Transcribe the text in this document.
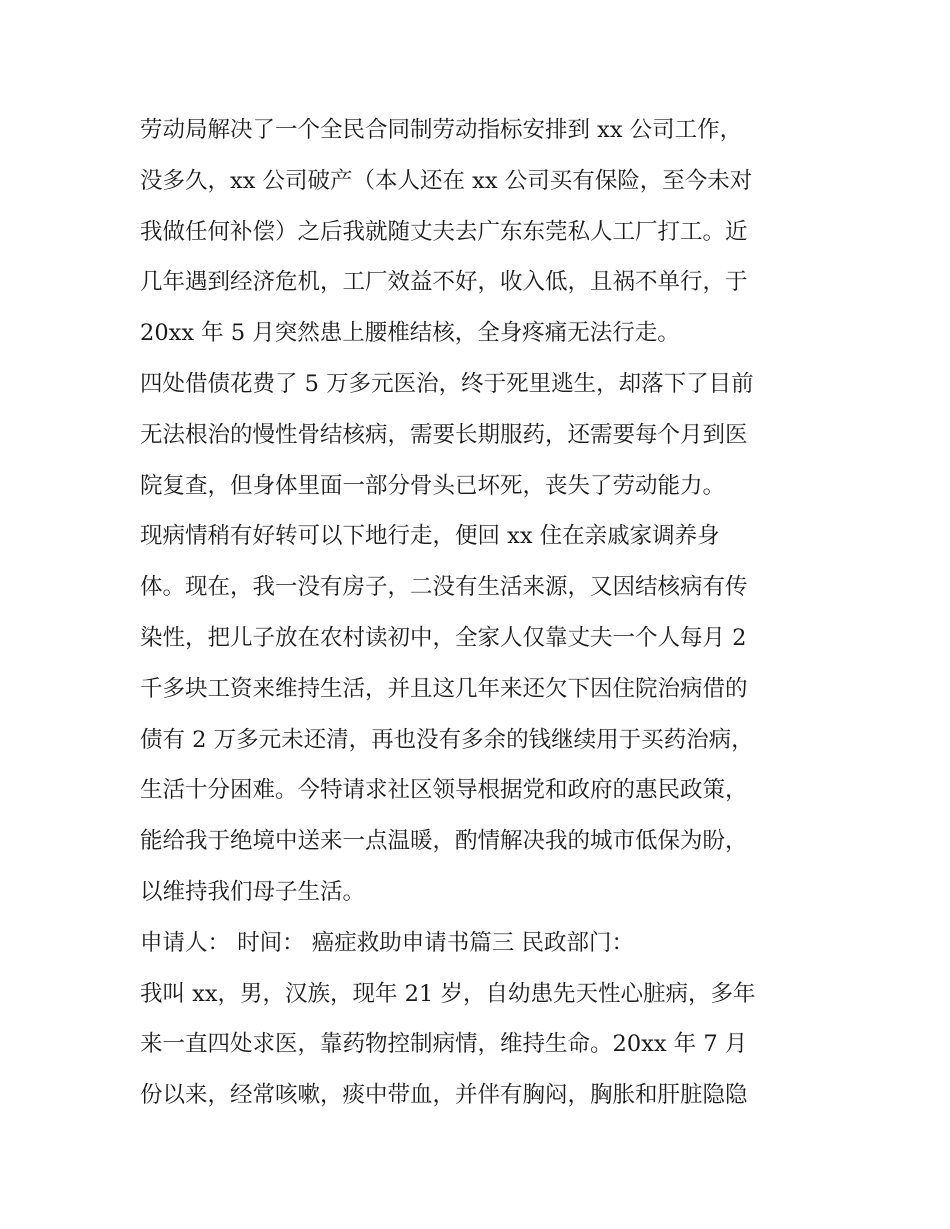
劳动局解决了一个全民合同制劳动指标安排到 xx 公司工作，
没多久，xx 公司破产（本人还在 xx 公司买有保险，至今未对
我做任何补偿）之后我就随丈夫去广东东莞私人工厂打工。近
几年遇到经济危机，工厂效益不好，收入低，且祸不单行，于
20xx 年 5 月突然患上腰椎结核，全身疼痛无法行走。
四处借债花费了 5 万多元医治，终于死里逃生，却落下了目前
无法根治的慢性骨结核病，需要长期服药，还需要每个月到医
院复查，但身体里面一部分骨头已坏死，丧失了劳动能力。
现病情稍有好转可以下地行走，便回 xx 住在亲戚家调养身
体。现在，我一没有房子，二没有生活来源，又因结核病有传
染性，把儿子放在农村读初中，全家人仅靠丈夫一个人每月 2
千多块工资来维持生活，并且这几年来还欠下因住院治病借的
债有 2 万多元未还清，再也没有多余的钱继续用于买药治病，
生活十分困难。今特请求社区领导根据党和政府的惠民政策，
能给我于绝境中送来一点温暖，酌情解决我的城市低保为盼，
以维持我们母子生活。
申请人： 时间： 癌症救助申请书篇三 民政部门：
我叫 xx，男，汉族，现年 21 岁，自幼患先天性心脏病，多年
来一直四处求医，靠药物控制病情，维持生命。20xx 年 7 月
份以来，经常咳嗽，痰中带血，并伴有胸闷，胸胀和肝脏隐隐
